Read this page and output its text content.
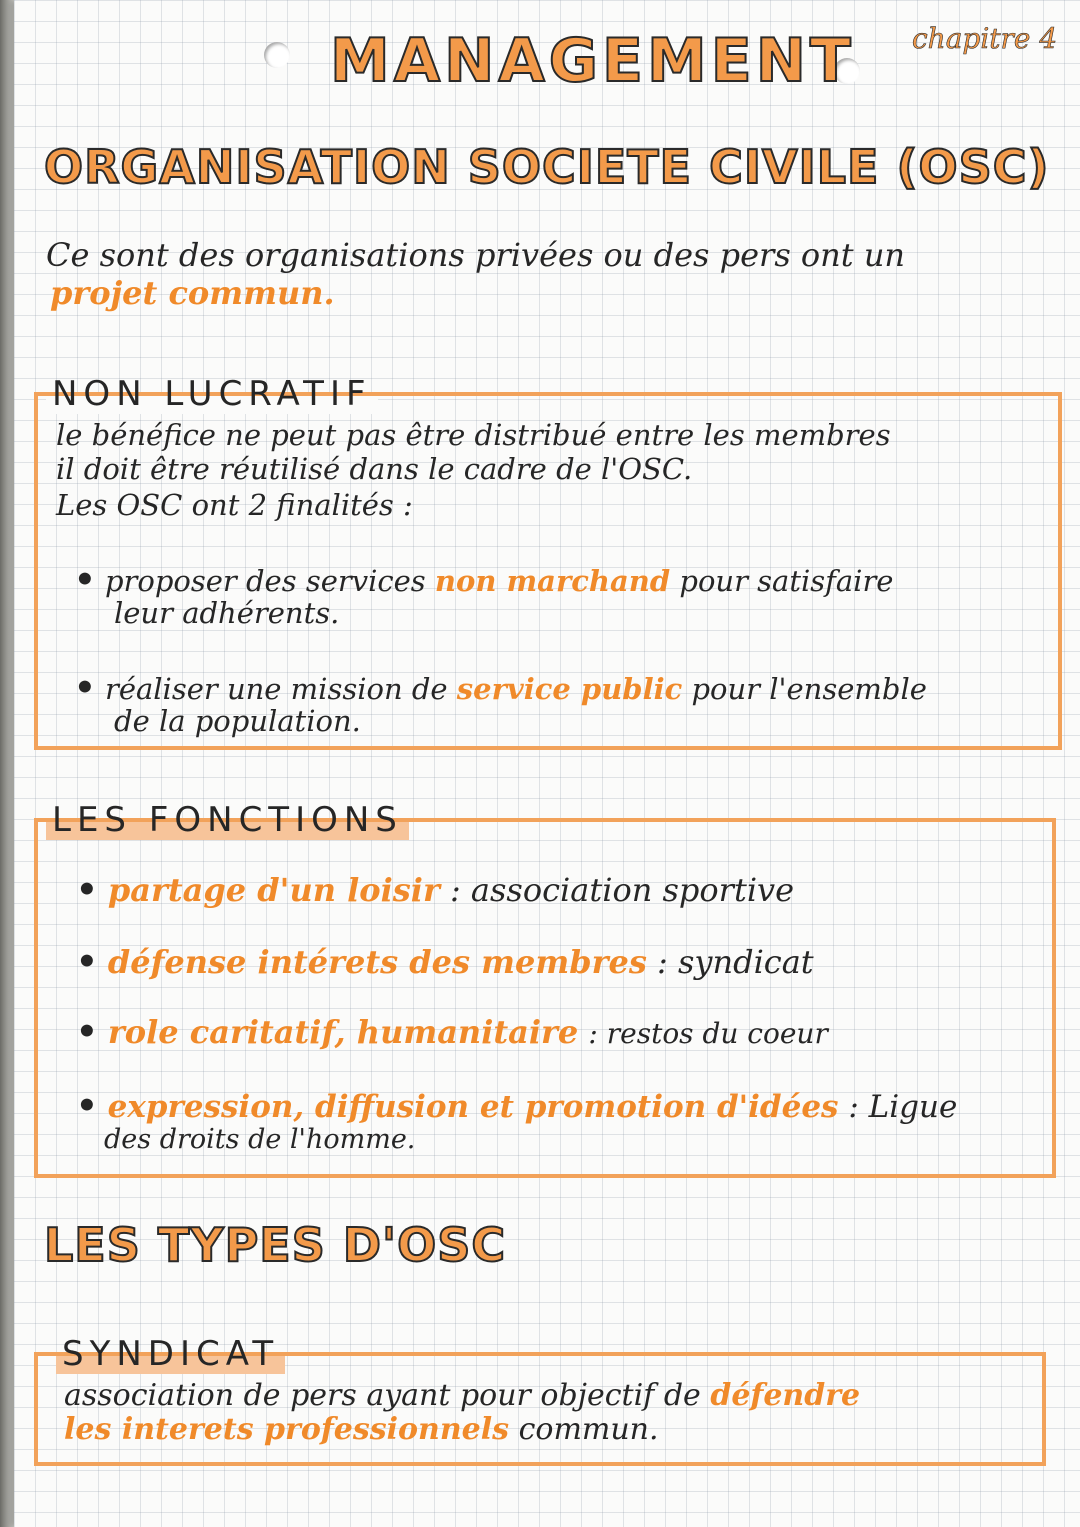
MANAGEMENT chapitre 4
ORGANISATION SOCIETE CIVILE (OSC)
Ce sont des organisations privées ou des pers ont un
projet commun.
NON LUCRATIF
le bénéfice ne peut pas être distribué entre les membres
il doit être réutilisé dans le cadre de l'OSC.
Les OSC ont 2 finalités :
• proposer des services non marchand pour satisfaire
leur adhérents.
• réaliser une mission de service public pour l'ensemble
de la population.
LES FONCTIONS
• partage d'un loisir : association sportive
• défense intérets des membres : syndicat
• role caritatif, humanitaire : restos du coeur
• expression, diffusion et promotion d'idées : Ligue
des droits de l'homme.
LES TYPES D'OSC
SYNDICAT
association de pers ayant pour objectif de défendre
les interets professionnels commun.
